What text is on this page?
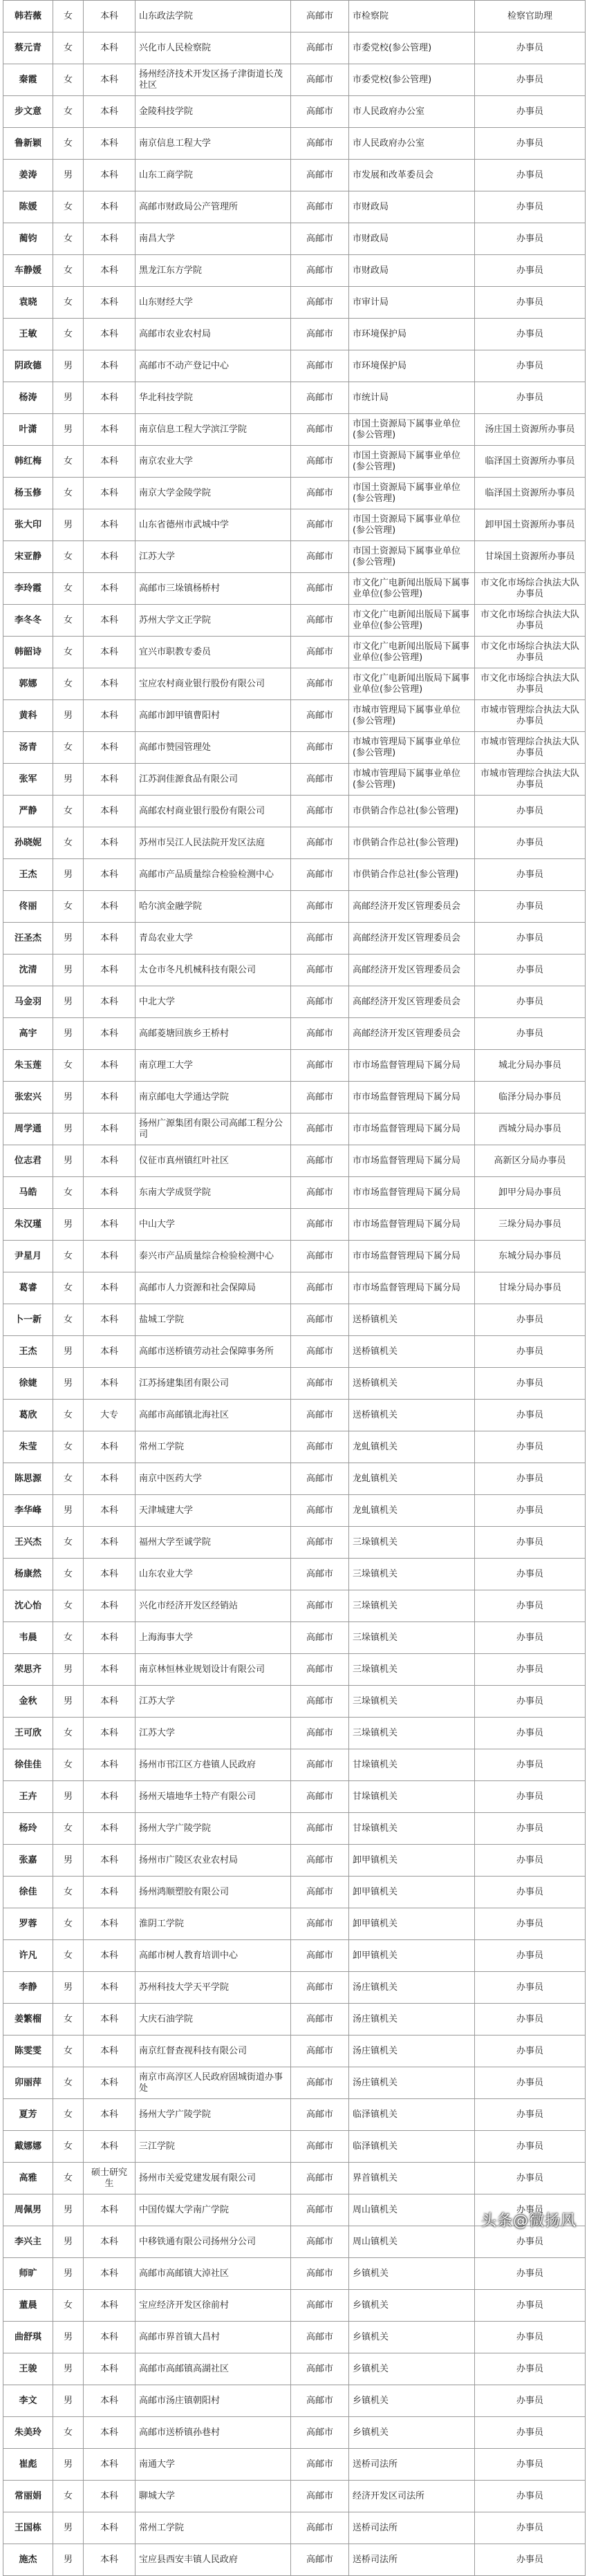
韩若薇	女	本科	山东政法学院	高邮市	市检察院	检察官助理
蔡元青	女	本科	兴化市人民检察院	高邮市	市委党校(参公管理)	办事员
秦霞	女	本科	扬州经济技术开发区扬子津街道长茂社区	高邮市	市委党校(参公管理)	办事员
步文意	女	本科	金陵科技学院	高邮市	市人民政府办公室	办事员
鲁新颖	女	本科	南京信息工程大学	高邮市	市人民政府办公室	办事员
姜涛	男	本科	山东工商学院	高邮市	市发展和改革委员会	办事员
陈媛	女	本科	高邮市财政局公产管理所	高邮市	市财政局	办事员
蔺钧	女	本科	南昌大学	高邮市	市财政局	办事员
车静媛	女	本科	黑龙江东方学院	高邮市	市财政局	办事员
袁晓	女	本科	山东财经大学	高邮市	市审计局	办事员
王敏	女	本科	高邮市农业农村局	高邮市	市环境保护局	办事员
阴政德	男	本科	高邮市不动产登记中心	高邮市	市环境保护局	办事员
杨涛	男	本科	华北科技学院	高邮市	市统计局	办事员
叶潇	男	本科	南京信息工程大学滨江学院	高邮市	市国土资源局下属事业单位(参公管理)	汤庄国土资源所办事员
韩红梅	女	本科	南京农业大学	高邮市	市国土资源局下属事业单位(参公管理)	临泽国土资源所办事员
杨玉修	女	本科	南京大学金陵学院	高邮市	市国土资源局下属事业单位(参公管理)	临泽国土资源所办事员
张大印	男	本科	山东省德州市武城中学	高邮市	市国土资源局下属事业单位(参公管理)	卸甲国土资源所办事员
宋亚静	女	本科	江苏大学	高邮市	市国土资源局下属事业单位(参公管理)	甘垛国土资源所办事员
李玲霞	女	本科	高邮市三垛镇杨桥村	高邮市	市文化广电新闻出版局下属事业单位(参公管理)	市文化市场综合执法大队办事员
李冬冬	女	本科	苏州大学文正学院	高邮市	市文化广电新闻出版局下属事业单位(参公管理)	市文化市场综合执法大队办事员
韩韶诗	女	本科	宜兴市职教专委员	高邮市	市文化广电新闻出版局下属事业单位(参公管理)	市文化市场综合执法大队办事员
郭娜	女	本科	宝应农村商业银行股份有限公司	高邮市	市文化广电新闻出版局下属事业单位(参公管理)	市文化市场综合执法大队办事员
黄科	男	本科	高邮市卸甲镇曹阳村	高邮市	市城市管理局下属事业单位(参公管理)	市城市管理综合执法大队办事员
汤青	女	本科	高邮市赞园管理处	高邮市	市城市管理局下属事业单位(参公管理)	市城市管理综合执法大队办事员
张军	男	本科	江苏润佳源食品有限公司	高邮市	市城市管理局下属事业单位(参公管理)	市城市管理综合执法大队办事员
严静	女	本科	高邮农村商业银行股份有限公司	高邮市	市供销合作总社(参公管理)	办事员
孙晓妮	女	本科	苏州市吴江人民法院开发区法庭	高邮市	市供销合作总社(参公管理)	办事员
王杰	男	本科	高邮市产品质量综合检验检测中心	高邮市	市供销合作总社(参公管理)	办事员
佟丽	女	本科	哈尔滨金融学院	高邮市	高邮经济开发区管理委员会	办事员
汪圣杰	男	本科	青岛农业大学	高邮市	高邮经济开发区管理委员会	办事员
沈清	男	本科	太仓市冬凡机械科技有限公司	高邮市	高邮经济开发区管理委员会	办事员
马金羽	男	本科	中北大学	高邮市	高邮经济开发区管理委员会	办事员
高宇	男	本科	高邮菱塘回族乡王桥村	高邮市	高邮经济开发区管理委员会	办事员
朱玉莲	女	本科	南京理工大学	高邮市	市市场监督管理局下属分局	城北分局办事员
张宏兴	男	本科	南京邮电大学通达学院	高邮市	市市场监督管理局下属分局	临泽分局办事员
周学通	男	本科	扬州广源集团有限公司高邮工程分公司	高邮市	市市场监督管理局下属分局	西城分局办事员
位志君	男	本科	仪征市真州镇红叶社区	高邮市	市市场监督管理局下属分局	高新区分局办事员
马皓	女	本科	东南大学成贤学院	高邮市	市市场监督管理局下属分局	卸甲分局办事员
朱汉瑾	男	本科	中山大学	高邮市	市市场监督管理局下属分局	三垛分局办事员
尹星月	女	本科	泰兴市产品质量综合检验检测中心	高邮市	市市场监督管理局下属分局	东城分局办事员
葛睿	女	本科	高邮市人力资源和社会保障局	高邮市	市市场监督管理局下属分局	甘垛分局办事员
卜一新	女	本科	盐城工学院	高邮市	送桥镇机关	办事员
王杰	男	本科	高邮市送桥镇劳动社会保障事务所	高邮市	送桥镇机关	办事员
徐婕	男	本科	江苏扬建集团有限公司	高邮市	送桥镇机关	办事员
葛欣	女	大专	高邮市高邮镇北海社区	高邮市	送桥镇机关	办事员
朱莹	女	本科	常州工学院	高邮市	龙虬镇机关	办事员
陈思源	女	本科	南京中医药大学	高邮市	龙虬镇机关	办事员
李华峰	男	本科	天津城建大学	高邮市	龙虬镇机关	办事员
王兴杰	女	本科	福州大学至诚学院	高邮市	三垛镇机关	办事员
杨康然	女	本科	山东农业大学	高邮市	三垛镇机关	办事员
沈心怡	女	本科	兴化市经济开发区经销站	高邮市	三垛镇机关	办事员
韦晨	女	本科	上海海事大学	高邮市	三垛镇机关	办事员
荣思齐	男	本科	南京林恒林业规划设计有限公司	高邮市	三垛镇机关	办事员
金秋	男	本科	江苏大学	高邮市	三垛镇机关	办事员
王可欣	女	本科	江苏大学	高邮市	三垛镇机关	办事员
徐佳佳	女	本科	扬州市邗江区方巷镇人民政府	高邮市	甘垛镇机关	办事员
王卉	男	本科	扬州天墙地华土特产有限公司	高邮市	甘垛镇机关	办事员
杨玲	女	本科	扬州大学广陵学院	高邮市	甘垛镇机关	办事员
张嘉	男	本科	扬州市广陵区农业农村局	高邮市	卸甲镇机关	办事员
徐佳	女	本科	扬州鸿顺塑胶有限公司	高邮市	卸甲镇机关	办事员
罗蓉	女	本科	淮阴工学院	高邮市	卸甲镇机关	办事员
许凡	女	本科	高邮市树人教育培训中心	高邮市	卸甲镇机关	办事员
李静	男	本科	苏州科技大学天平学院	高邮市	汤庄镇机关	办事员
姜繁榴	女	本科	大庆石油学院	高邮市	汤庄镇机关	办事员
陈雯雯	女	本科	南京红督查视科技有限公司	高邮市	汤庄镇机关	办事员
卯丽萍	女	本科	南京市高淳区人民政府固城街道办事处	高邮市	汤庄镇机关	办事员
夏芳	女	本科	扬州大学广陵学院	高邮市	临泽镇机关	办事员
戴娜娜	女	本科	三江学院	高邮市	临泽镇机关	办事员
高雅	女	硕士研究生	扬州市关爱党建发展有限公司	高邮市	界首镇机关	办事员
周佩男	男	本科	中国传媒大学南广学院	高邮市	周山镇机关	办事员
李兴主	男	本科	中移铁通有限公司扬州分公司	高邮市	周山镇机关	办事员
师旷	男	本科	高邮市高邮镇大淖社区	高邮市	乡镇机关	办事员
董晨	女	本科	宝应经济开发区徐前村	高邮市	乡镇机关	办事员
曲舒琪	男	本科	高邮市界首镇大昌村	高邮市	乡镇机关	办事员
王骏	男	本科	高邮市高邮镇高湖社区	高邮市	乡镇机关	办事员
李文	男	本科	高邮市汤庄镇朝阳村	高邮市	乡镇机关	办事员
朱美玲	女	本科	高邮市送桥镇孙巷村	高邮市	乡镇机关	办事员
崔彪	男	本科	南通大学	高邮市	送桥司法所	办事员
常丽娟	女	本科	聊城大学	高邮市	经济开发区司法所	办事员
王国栋	男	本科	常州工学院	高邮市	送桥司法所	办事员
施杰	男	本科	宝应县西安丰镇人民政府	高邮市	送桥司法所	办事员
头条@微扬风
